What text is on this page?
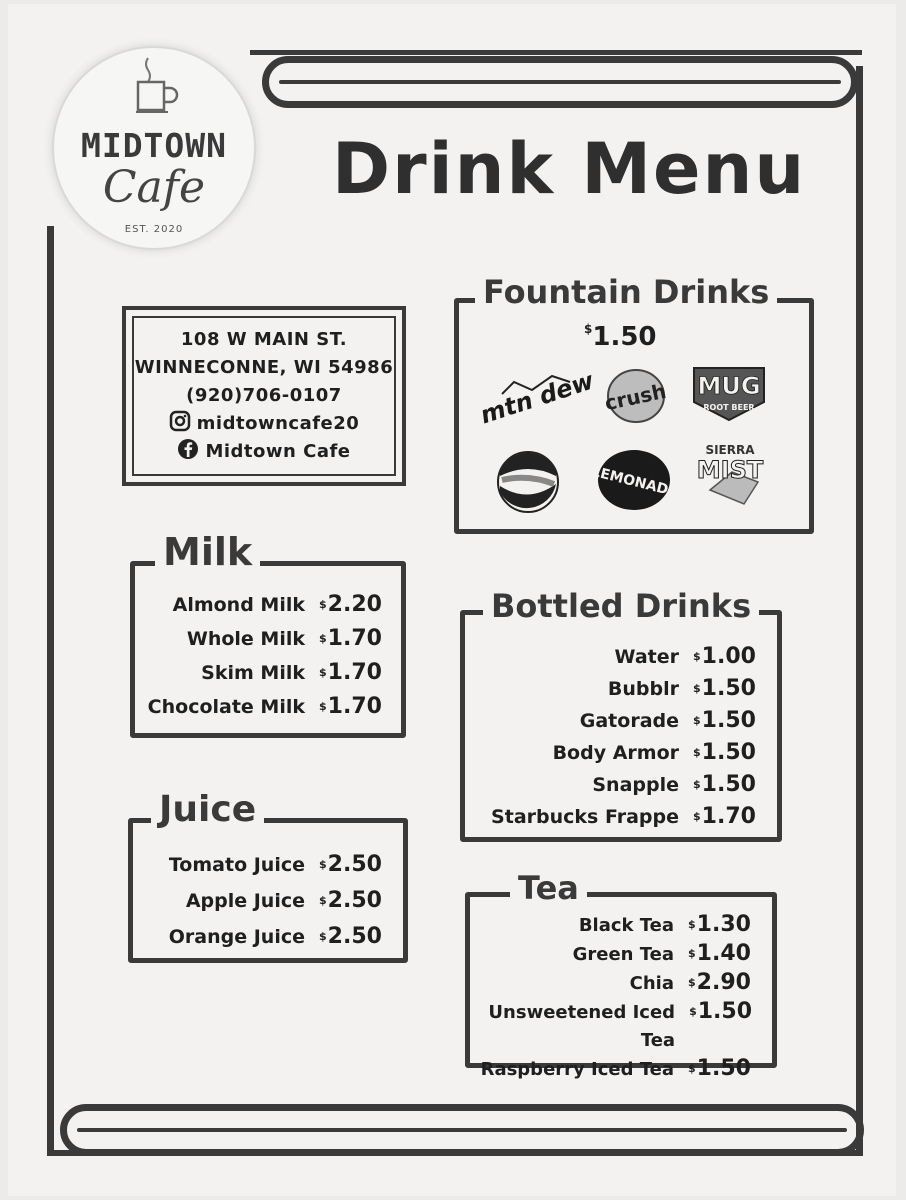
MIDTOWN
Cafe
EST. 2020
Drink Menu
108 W MAIN ST.
WINNECONNE, WI 54986
(920)706-0107
midtowncafe20
Midtown Cafe
Fountain Drinks
$1.50
mtn dew crush MUG
ROOT BEER
LEMONADE
SIERRA
MIST
Milk
Almond Milk $2.20
Whole Milk $1.70
Skim Milk $1.70
Chocolate Milk $1.70
Bottled Drinks
Water $1.00
Bubblr $1.50
Gatorade $1.50
Body Armor $1.50
Snapple $1.50
Starbucks Frappe $1.70
Juice
Tomato Juice $2.50
Apple Juice $2.50
Orange Juice $2.50
Tea
Black Tea $1.30
Green Tea $1.40
Chia $2.90
Unsweetened Iced Tea
$1.50
Raspberry Iced Tea $1.50
